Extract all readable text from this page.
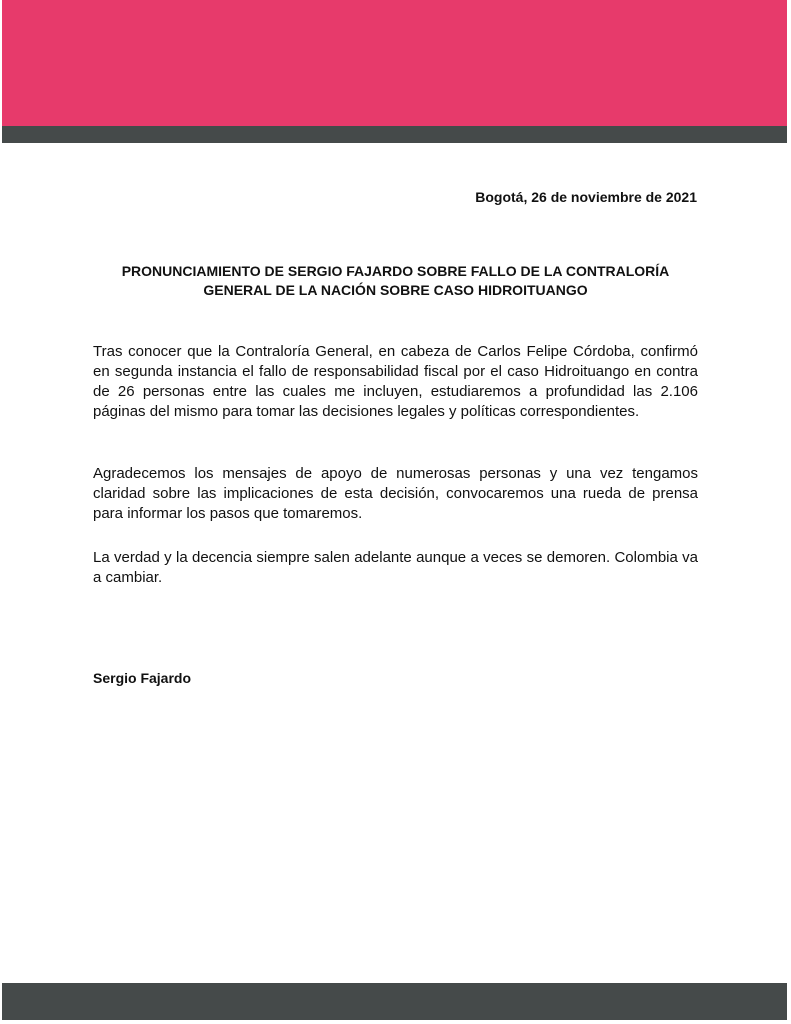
Bogotá, 26 de noviembre de 2021
PRONUNCIAMIENTO DE SERGIO FAJARDO SOBRE FALLO DE LA CONTRALORÍA
GENERAL DE LA NACIÓN SOBRE CASO HIDROITUANGO

Tras conocer que la Contraloría General, en cabeza de Carlos Felipe Córdoba, confirmó en segunda instancia el fallo de responsabilidad fiscal por el caso Hidroituango en contra de 26 personas entre las cuales me incluyen, estudiaremos a profundidad las 2.106 páginas del mismo para tomar las decisiones legales y políticas correspondientes.

Agradecemos los mensajes de apoyo de numerosas personas y una vez tengamos claridad sobre las implicaciones de esta decisión, convocaremos una rueda de prensa para informar los pasos que tomaremos.

La verdad y la decencia siempre salen adelante aunque a veces se demoren. Colombia va a cambiar.

Sergio Fajardo
